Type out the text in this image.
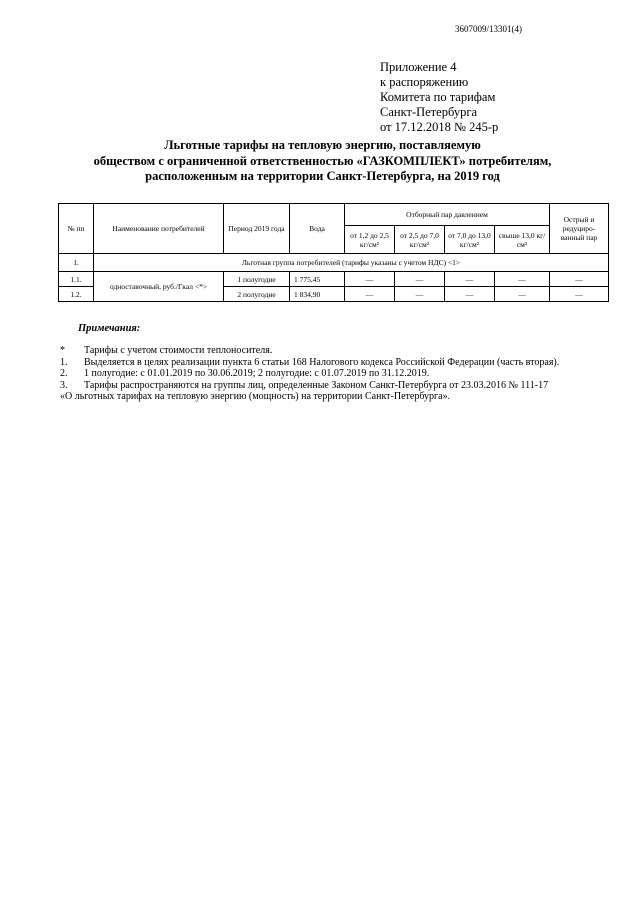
3607009/13301(4)
Приложение 4
к распоряжению
Комитета по тарифам
Санкт-Петербурга
от 17.12.2018 № 245-р
Льготные тарифы на тепловую энергию, поставляемую
обществом с ограниченной ответственностью «ГАЗКОМПЛЕКТ» потребителям,
расположенным на территории Санкт-Петербурга, на 2019 год
№ пп	Наименование потребителей	Период 2019 года	Вода	Отборный пар давлением				Острый и редуциро-ванный пар
				от 1,2 до 2,5 кг/см²	от 2,5 до 7,0 кг/см²	от 7,0 до 13,0 кг/см²	свыше 13,0 кг/см²	
1.	Льготная группа потребителей (тарифы указаны с учетом НДС) <1>							
1.1.	одноставочный, руб./Гкал <*>	1 полугодие	1 775,45	—	—	—	—	—
1.2.		2 полугодие	1 834,90	—	—	—	—	—
Примечания:
*	Тарифы с учетом стоимости теплоносителя.
1.	Выделяется в целях реализации пункта 6 статьи 168 Налогового кодекса Российской Федерации (часть вторая).
2.	1 полугодие: с 01.01.2019 по 30.06.2019; 2 полугодие: с 01.07.2019 по 31.12.2019.
3.	Тарифы распространяются на группы лиц, определенные Законом Санкт-Петербурга от 23.03.2016 № 111-17
«О льготных тарифах на тепловую энергию (мощность) на территории Санкт-Петербурга».
